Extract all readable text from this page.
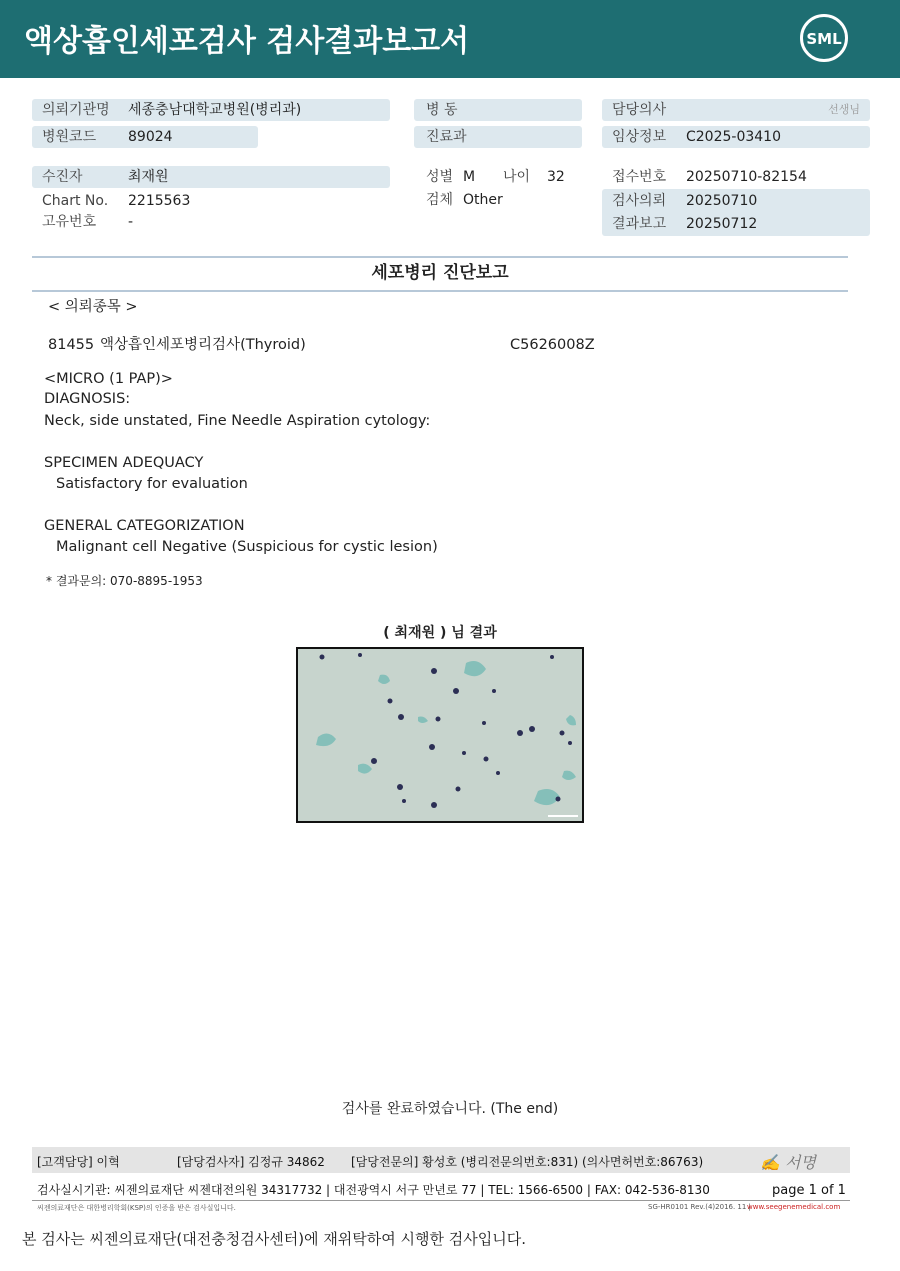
액상흡인세포검사 검사결과보고서	SML
의뢰기관명 세종충남대학교병원(병리과)
병원코드 89024
수진자	최재원
Chart No. 2215563
고유번호 -
병 동
진료과
성별 M 나이 32
검체 Other
담당의사	선생님
임상정보 C2025-03410
접수번호 20250710-82154
검사의뢰 20250710
결과보고 20250712
세포병리 진단보고
< 의뢰종목 >
81455 액상흡인세포병리검사(Thyroid)	C5626008Z
<MICRO (1 PAP)>
DIAGNOSIS:
Neck, side unstated, Fine Needle Aspiration cytology:
SPECIMEN ADEQUACY
Satisfactory for evaluation
GENERAL CATEGORIZATION
Malignant cell Negative (Suspicious for cystic lesion)
* 결과문의: 070-8895-1953
( 최재원 ) 님 결과
검사를 완료하였습니다. (The end)
[고객담당] 이혁	[담당검사자] 김정규 34862 [담당전문의] 황성호 (병리전문의번호:831) (의사면허번호:86763)	✍ 서명
검사실시기관: 씨젠의료재단 씨젠대전의원 34317732 | 대전광역시 서구 만년로 77 | TEL: 1566-6500 | FAX: 042-536-8130	page 1 of 1
씨젠의료재단은 대한병리학회(KSP)의 인증을 받은 검사실입니다.	SG-HR0101 Rev.(4)2016. 11 |
www.seegenemedical.com
본 검사는 씨젠의료재단(대전충청검사센터)에 재위탁하여 시행한 검사입니다.
